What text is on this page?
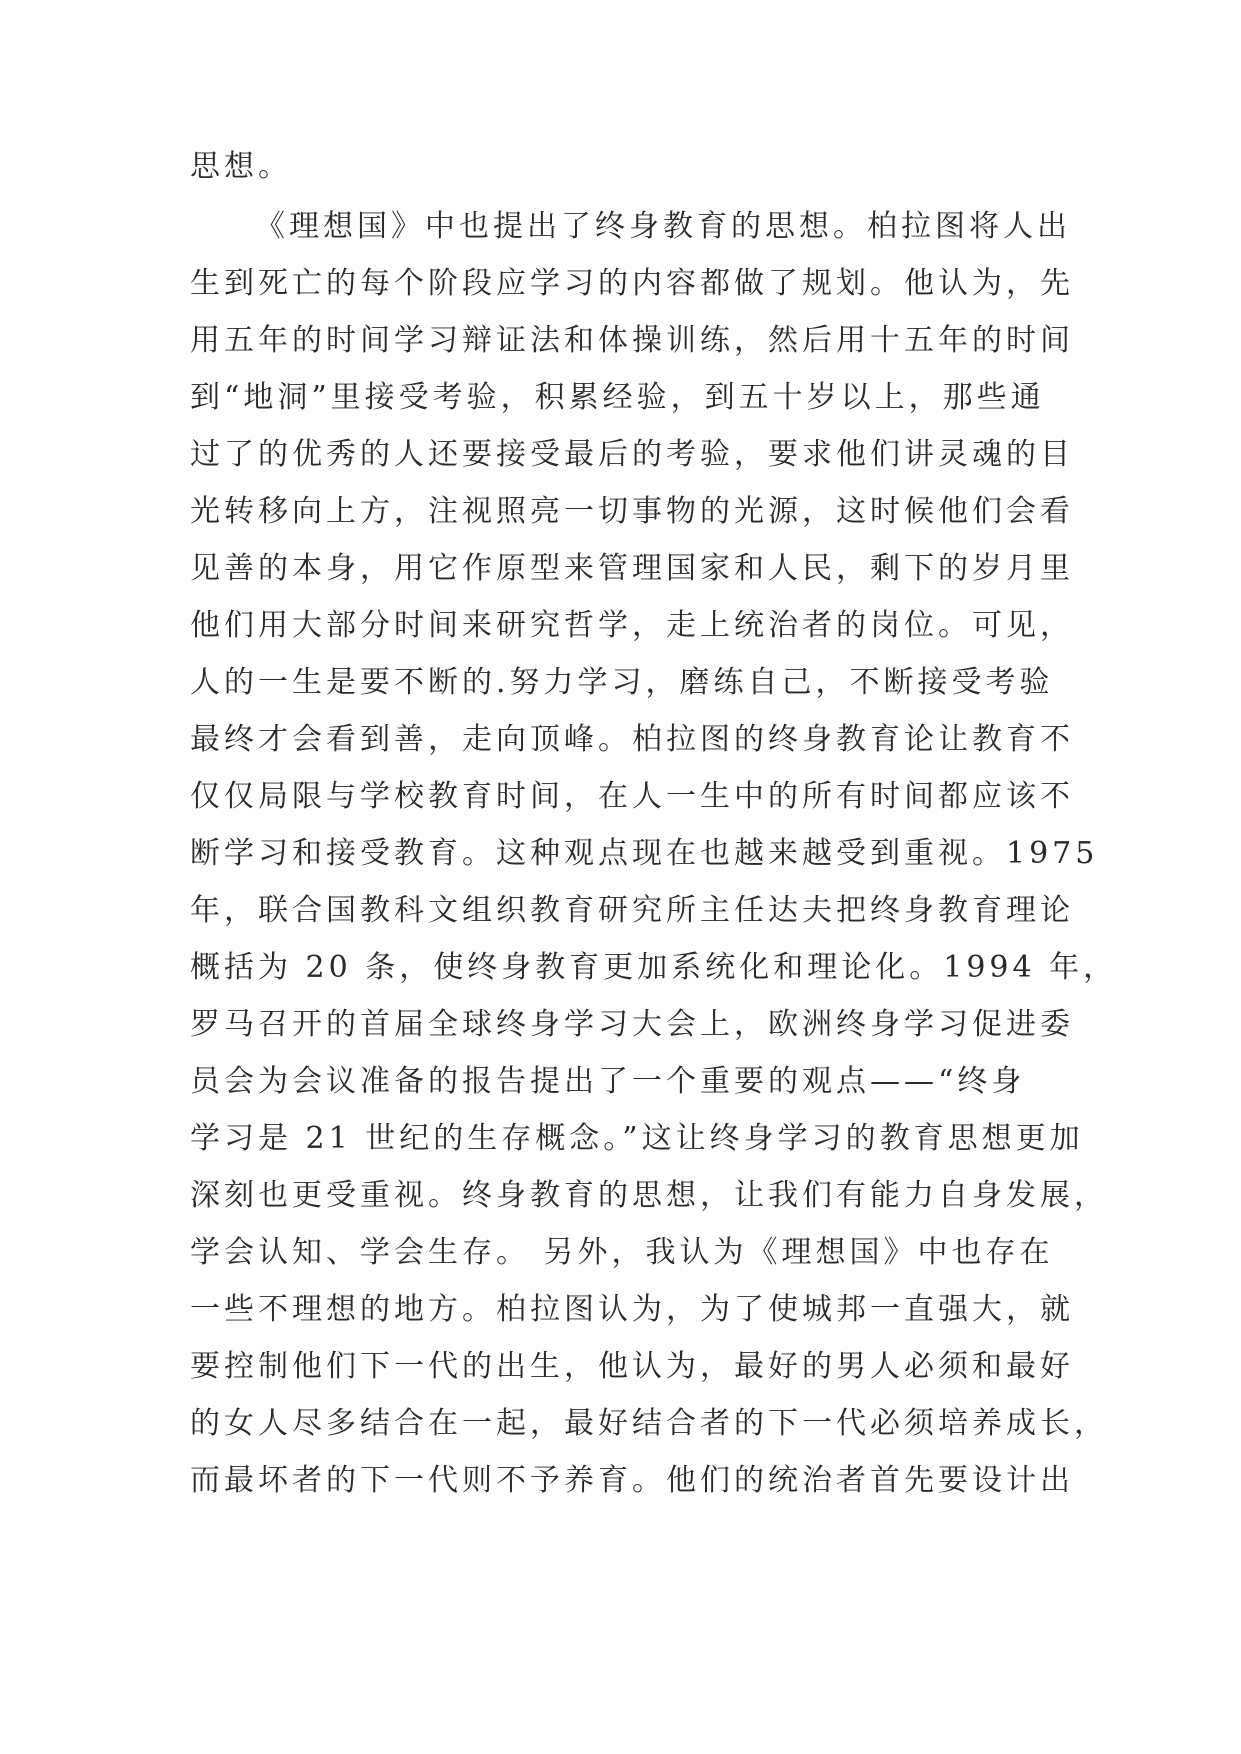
思想。
《理想国》中也提出了终身教育的思想。柏拉图将人出
生到死亡的每个阶段应学习的内容都做了规划。他认为，先
用五年的时间学习辩证法和体操训练，然后用十五年的时间
到“地洞”里接受考验，积累经验，到五十岁以上，那些通
过了的优秀的人还要接受最后的考验，要求他们讲灵魂的目
光转移向上方，注视照亮一切事物的光源，这时候他们会看
见善的本身，用它作原型来管理国家和人民，剩下的岁月里
他们用大部分时间来研究哲学，走上统治者的岗位。可见，
人的一生是要不断的.努力学习，磨练自己，不断接受考验
最终才会看到善，走向顶峰。柏拉图的终身教育论让教育不
仅仅局限与学校教育时间，在人一生中的所有时间都应该不
断学习和接受教育。这种观点现在也越来越受到重视。1975
年，联合国教科文组织教育研究所主任达夫把终身教育理论
概括为 20 条，使终身教育更加系统化和理论化。1994 年，
罗马召开的首届全球终身学习大会上，欧洲终身学习促进委
员会为会议准备的报告提出了一个重要的观点——“终身
学习是 21 世纪的生存概念。”这让终身学习的教育思想更加
深刻也更受重视。终身教育的思想，让我们有能力自身发展，
学会认知、学会生存。 另外，我认为《理想国》中也存在
一些不理想的地方。柏拉图认为，为了使城邦一直强大，就
要控制他们下一代的出生，他认为，最好的男人必须和最好
的女人尽多结合在一起，最好结合者的下一代必须培养成长，
而最坏者的下一代则不予养育。他们的统治者首先要设计出
